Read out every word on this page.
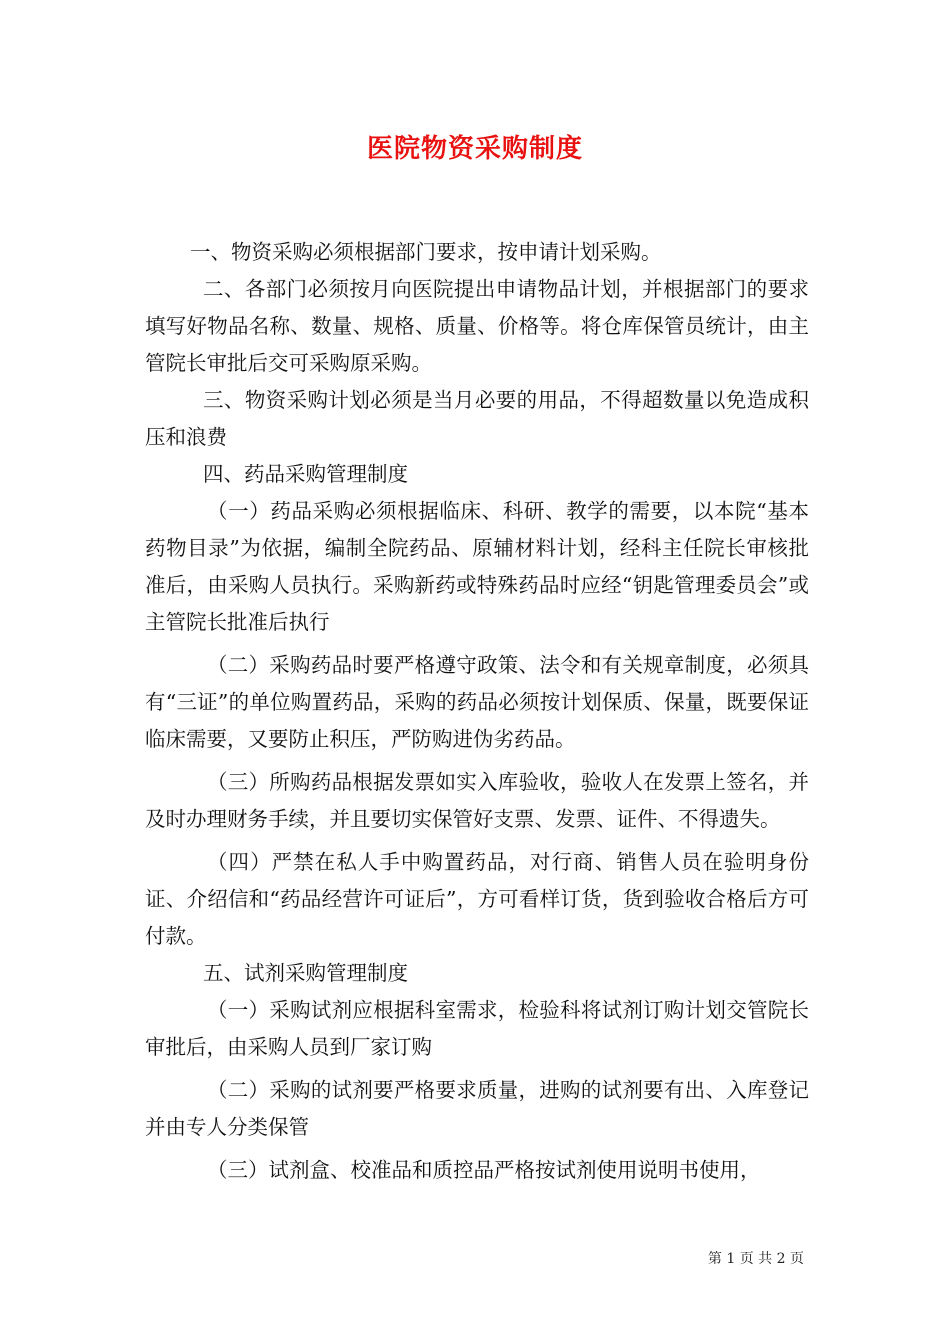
医院物资采购制度

一、物资采购必须根据部门要求，按申请计划采购。

二、各部门必须按月向医院提出申请物品计划，并根据部门的要求填写好物品名称、数量、规格、质量、价格等。将仓库保管员统计，由主管院长审批后交可采购原采购。

三、物资采购计划必须是当月必要的用品，不得超数量以免造成积压和浪费

四、药品采购管理制度

（一）药品采购必须根据临床、科研、教学的需要，以本院“基本药物目录”为依据，编制全院药品、原辅材料计划，经科主任院长审核批准后，由采购人员执行。采购新药或特殊药品时应经“钥匙管理委员会”或主管院长批准后执行

（二）采购药品时要严格遵守政策、法令和有关规章制度，必须具有“三证”的单位购置药品，采购的药品必须按计划保质、保量，既要保证临床需要，又要防止积压，严防购进伪劣药品。

（三）所购药品根据发票如实入库验收，验收人在发票上签名，并及时办理财务手续，并且要切实保管好支票、发票、证件、不得遗失。

（四）严禁在私人手中购置药品，对行商、销售人员在验明身份证、介绍信和“药品经营许可证后”，方可看样订货，货到验收合格后方可付款。

五、试剂采购管理制度

（一）采购试剂应根据科室需求，检验科将试剂订购计划交管院长审批后，由采购人员到厂家订购

（二）采购的试剂要严格要求质量，进购的试剂要有出、入库登记并由专人分类保管

（三）试剂盒、校准品和质控品严格按试剂使用说明书使用，

第 1 页 共 2 页
